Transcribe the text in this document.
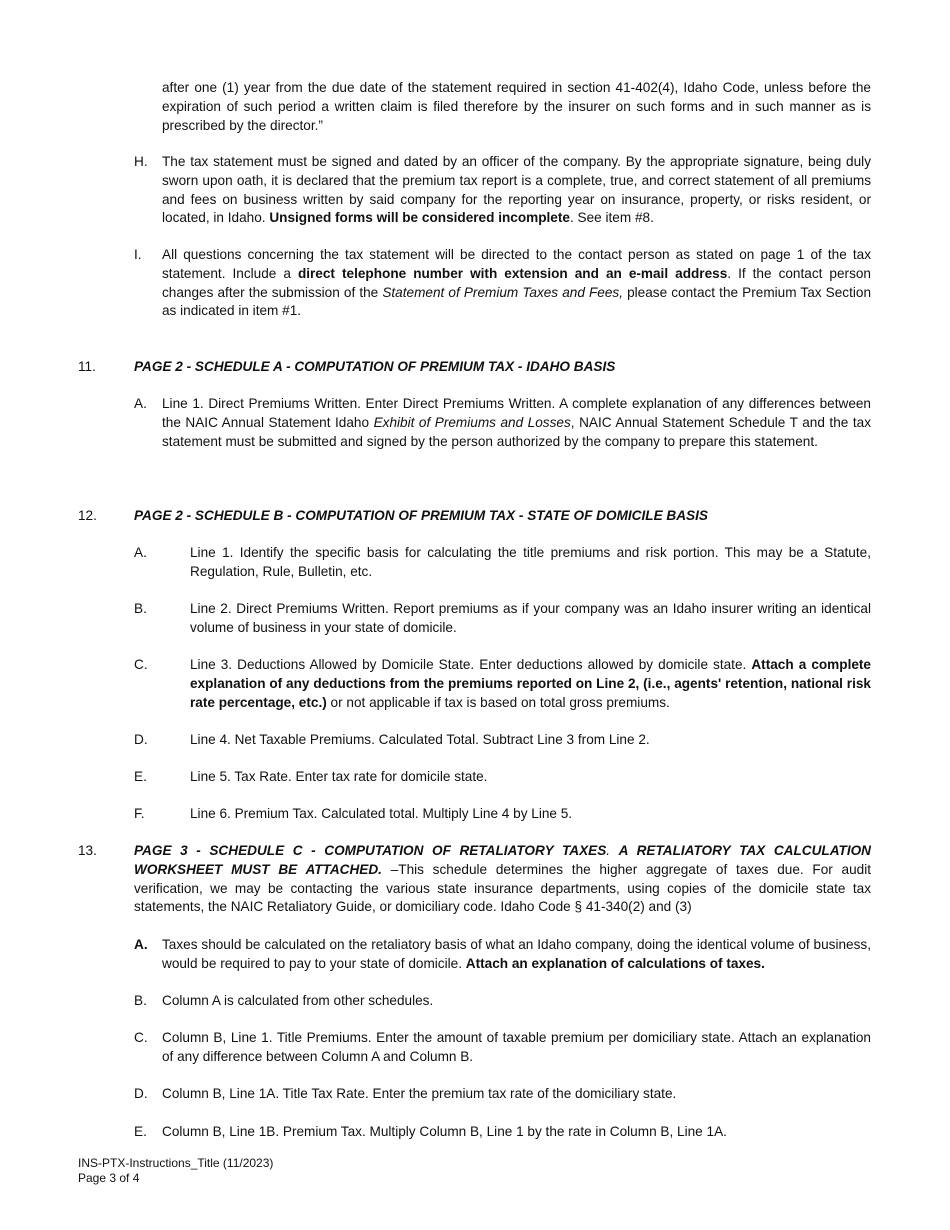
after one (1) year from the due date of the statement required in section 41-402(4), Idaho Code, unless before the expiration of such period a written claim is filed therefore by the insurer on such forms and in such manner as is prescribed by the director.”

H. The tax statement must be signed and dated by an officer of the company. By the appropriate signature, being duly sworn upon oath, it is declared that the premium tax report is a complete, true, and correct statement of all premiums and fees on business written by said company for the reporting year on insurance, property, or risks resident, or located, in Idaho. Unsigned forms will be considered incomplete. See item #8.

I. All questions concerning the tax statement will be directed to the contact person as stated on page 1 of the tax statement. Include a direct telephone number with extension and an e-mail address. If the contact person changes after the submission of the Statement of Premium Taxes and Fees, please contact the Premium Tax Section as indicated in item #1.

11.	PAGE 2 - SCHEDULE A - COMPUTATION OF PREMIUM TAX - IDAHO BASIS

A. Line 1. Direct Premiums Written. Enter Direct Premiums Written. A complete explanation of any differences between the NAIC Annual Statement Idaho Exhibit of Premiums and Losses, NAIC Annual Statement Schedule T and the tax statement must be submitted and signed by the person authorized by the company to prepare this statement.

12.	PAGE 2 - SCHEDULE B - COMPUTATION OF PREMIUM TAX - STATE OF DOMICILE BASIS

A.	Line 1. Identify the specific basis for calculating the title premiums and risk portion. This may be a Statute, Regulation, Rule, Bulletin, etc.

B.	Line 2. Direct Premiums Written. Report premiums as if your company was an Idaho insurer writing an identical volume of business in your state of domicile.

C.	Line 3. Deductions Allowed by Domicile State. Enter deductions allowed by domicile state. Attach a complete explanation of any deductions from the premiums reported on Line 2, (i.e., agents' retention, national risk rate percentage, etc.) or not applicable if tax is based on total gross premiums.

D.	Line 4. Net Taxable Premiums. Calculated Total. Subtract Line 3 from Line 2.

E.	Line 5. Tax Rate. Enter tax rate for domicile state.

F.	Line 6. Premium Tax. Calculated total. Multiply Line 4 by Line 5.

13.	PAGE 3 - SCHEDULE C - COMPUTATION OF RETALIATORY TAXES. A RETALIATORY TAX CALCULATION WORKSHEET MUST BE ATTACHED. –This schedule determines the higher aggregate of taxes due. For audit verification, we may be contacting the various state insurance departments, using copies of the domicile state tax statements, the NAIC Retaliatory Guide, or domiciliary code. Idaho Code § 41-340(2) and (3)

A. Taxes should be calculated on the retaliatory basis of what an Idaho company, doing the identical volume of business, would be required to pay to your state of domicile. Attach an explanation of calculations of taxes.

B. Column A is calculated from other schedules.

C. Column B, Line 1. Title Premiums. Enter the amount of taxable premium per domiciliary state. Attach an explanation of any difference between Column A and Column B.

D. Column B, Line 1A. Title Tax Rate. Enter the premium tax rate of the domiciliary state.

E. Column B, Line 1B. Premium Tax. Multiply Column B, Line 1 by the rate in Column B, Line 1A.

INS-PTX-Instructions_Title (11/2023)
Page 3 of 4
